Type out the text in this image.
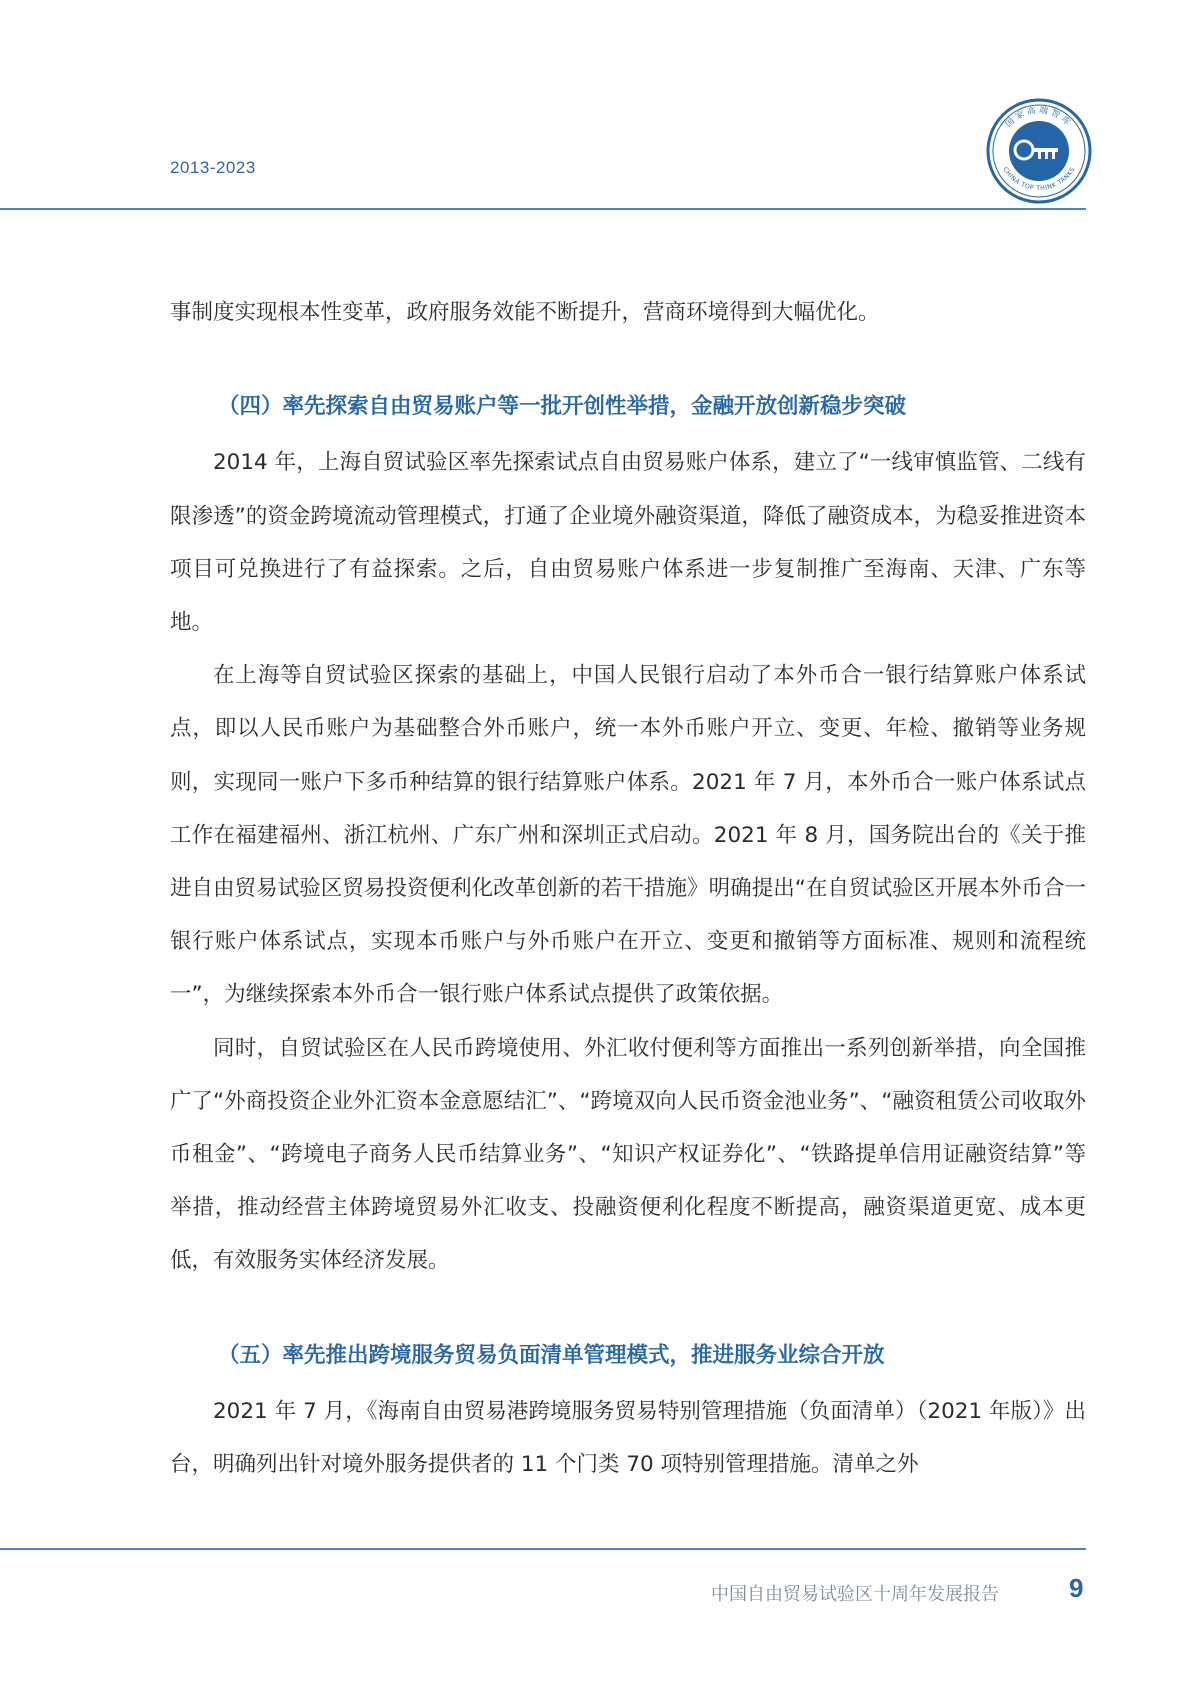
2013-2023
国家高端智库
CHINA TOP THINK TANKS

事制度实现根本性变革，政府服务效能不断提升，营商环境得到大幅优化。

（四）率先探索自由贸易账户等一批开创性举措，金融开放创新稳步突破

2014 年，上海自贸试验区率先探索试点自由贸易账户体系，建立了“一线审慎监管、二线有限渗透”的资金跨境流动管理模式，打通了企业境外融资渠道，降低了融资成本，为稳妥推进资本项目可兑换进行了有益探索。之后，自由贸易账户体系进一步复制推广至海南、天津、广东等地。

在上海等自贸试验区探索的基础上，中国人民银行启动了本外币合一银行结算账户体系试点，即以人民币账户为基础整合外币账户，统一本外币账户开立、变更、年检、撤销等业务规则，实现同一账户下多币种结算的银行结算账户体系。2021 年 7 月，本外币合一账户体系试点工作在福建福州、浙江杭州、广东广州和深圳正式启动。2021 年 8 月，国务院出台的《关于推进自由贸易试验区贸易投资便利化改革创新的若干措施》明确提出“在自贸试验区开展本外币合一银行账户体系试点，实现本币账户与外币账户在开立、变更和撤销等方面标准、规则和流程统一”，为继续探索本外币合一银行账户体系试点提供了政策依据。

同时，自贸试验区在人民币跨境使用、外汇收付便利等方面推出一系列创新举措，向全国推广了“外商投资企业外汇资本金意愿结汇”、“跨境双向人民币资金池业务”、“融资租赁公司收取外币租金”、“跨境电子商务人民币结算业务”、“知识产权证券化”、“铁路提单信用证融资结算”等举措，推动经营主体跨境贸易外汇收支、投融资便利化程度不断提高，融资渠道更宽、成本更低，有效服务实体经济发展。

（五）率先推出跨境服务贸易负面清单管理模式，推进服务业综合开放

2021 年 7 月，《海南自由贸易港跨境服务贸易特别管理措施（负面清单）（2021 年版）》出台，明确列出针对境外服务提供者的 11 个门类 70 项特别管理措施。清单之外

中国自由贸易试验区十周年发展报告	9
